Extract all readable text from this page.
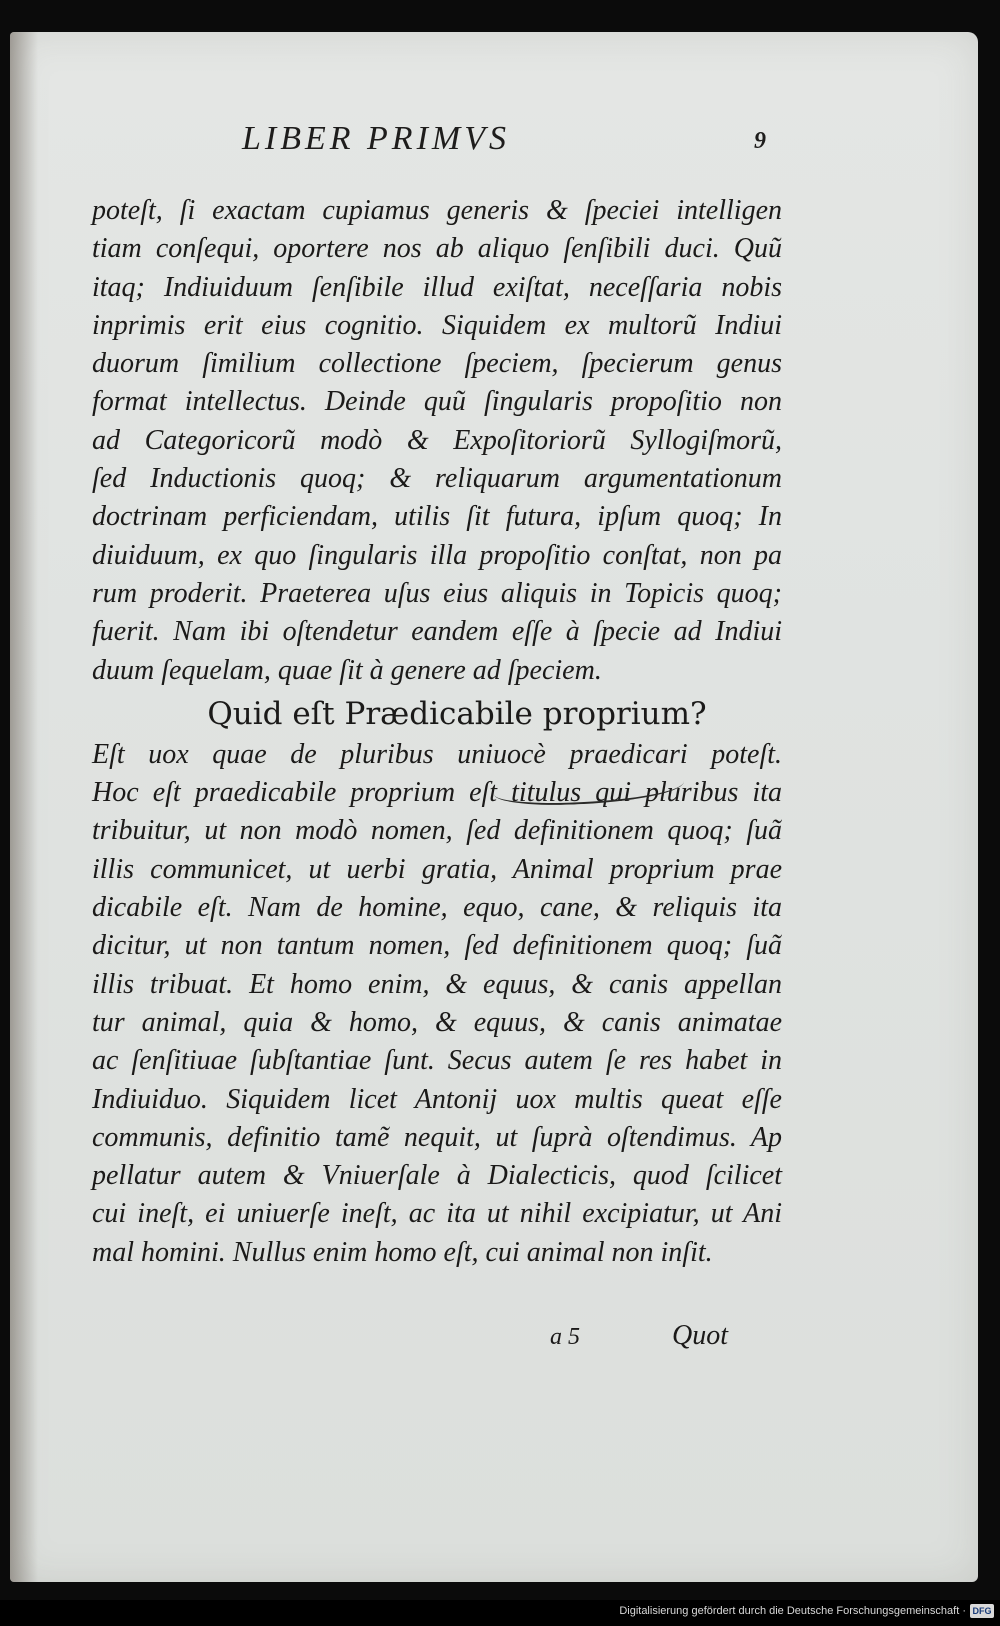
LIBER PRIMVS	9
poteſt, ſi exactam cupiamus generis & ſpeciei intelligen
tiam conſequi, oportere nos ab aliquo ſenſibili duci. Quũ
itaq; Indiuiduum ſenſibile illud exiſtat, neceſſaria nobis
inprimis erit eius cognitio. Siquidem ex multorũ Indiui
duorum ſimilium collectione ſpeciem, ſpecierum genus
format intellectus. Deinde quũ ſingularis propoſitio non
ad Categoricorũ modò & Expoſitoriorũ Syllogiſmorũ,
ſed Inductionis quoq; & reliquarum argumentationum
doctrinam perficiendam, utilis ſit futura, ipſum quoq; In
diuiduum, ex quo ſingularis illa propoſitio conſtat, non pa
rum proderit. Praeterea uſus eius aliquis in Topicis quoq;
fuerit. Nam ibi oſtendetur eandem eſſe à ſpecie ad Indiui
duum ſequelam, quae ſit à genere ad ſpeciem.
Quid eſt Prædicabile proprium?
Eſt uox quae de pluribus uniuocè praedicari poteſt.
Hoc eſt praedicabile proprium eſt titulus qui pluribus ita
tribuitur, ut non modò nomen, ſed definitionem quoq; ſuã
illis communicet, ut uerbi gratia, Animal proprium prae
dicabile eſt. Nam de homine, equo, cane, & reliquis ita
dicitur, ut non tantum nomen, ſed definitionem quoq; ſuã
illis tribuat. Et homo enim, & equus, & canis appellan
tur animal, quia & homo, & equus, & canis animatae
ac ſenſitiuae ſubſtantiae ſunt. Secus autem ſe res habet in
Indiuiduo. Siquidem licet Antonij uox multis queat eſſe
communis, definitio tamẽ nequit, ut ſuprà oſtendimus. Ap
pellatur autem & Vniuerſale à Dialecticis, quod ſcilicet
cui ineſt, ei uniuerſe ineſt, ac ita ut nihil excipiatur, ut Ani
mal homini. Nullus enim homo eſt, cui animal non inſit.
a 5	Quot
Digitalisierung gefördert durch die Deutsche Forschungsgemeinschaft · DFG
